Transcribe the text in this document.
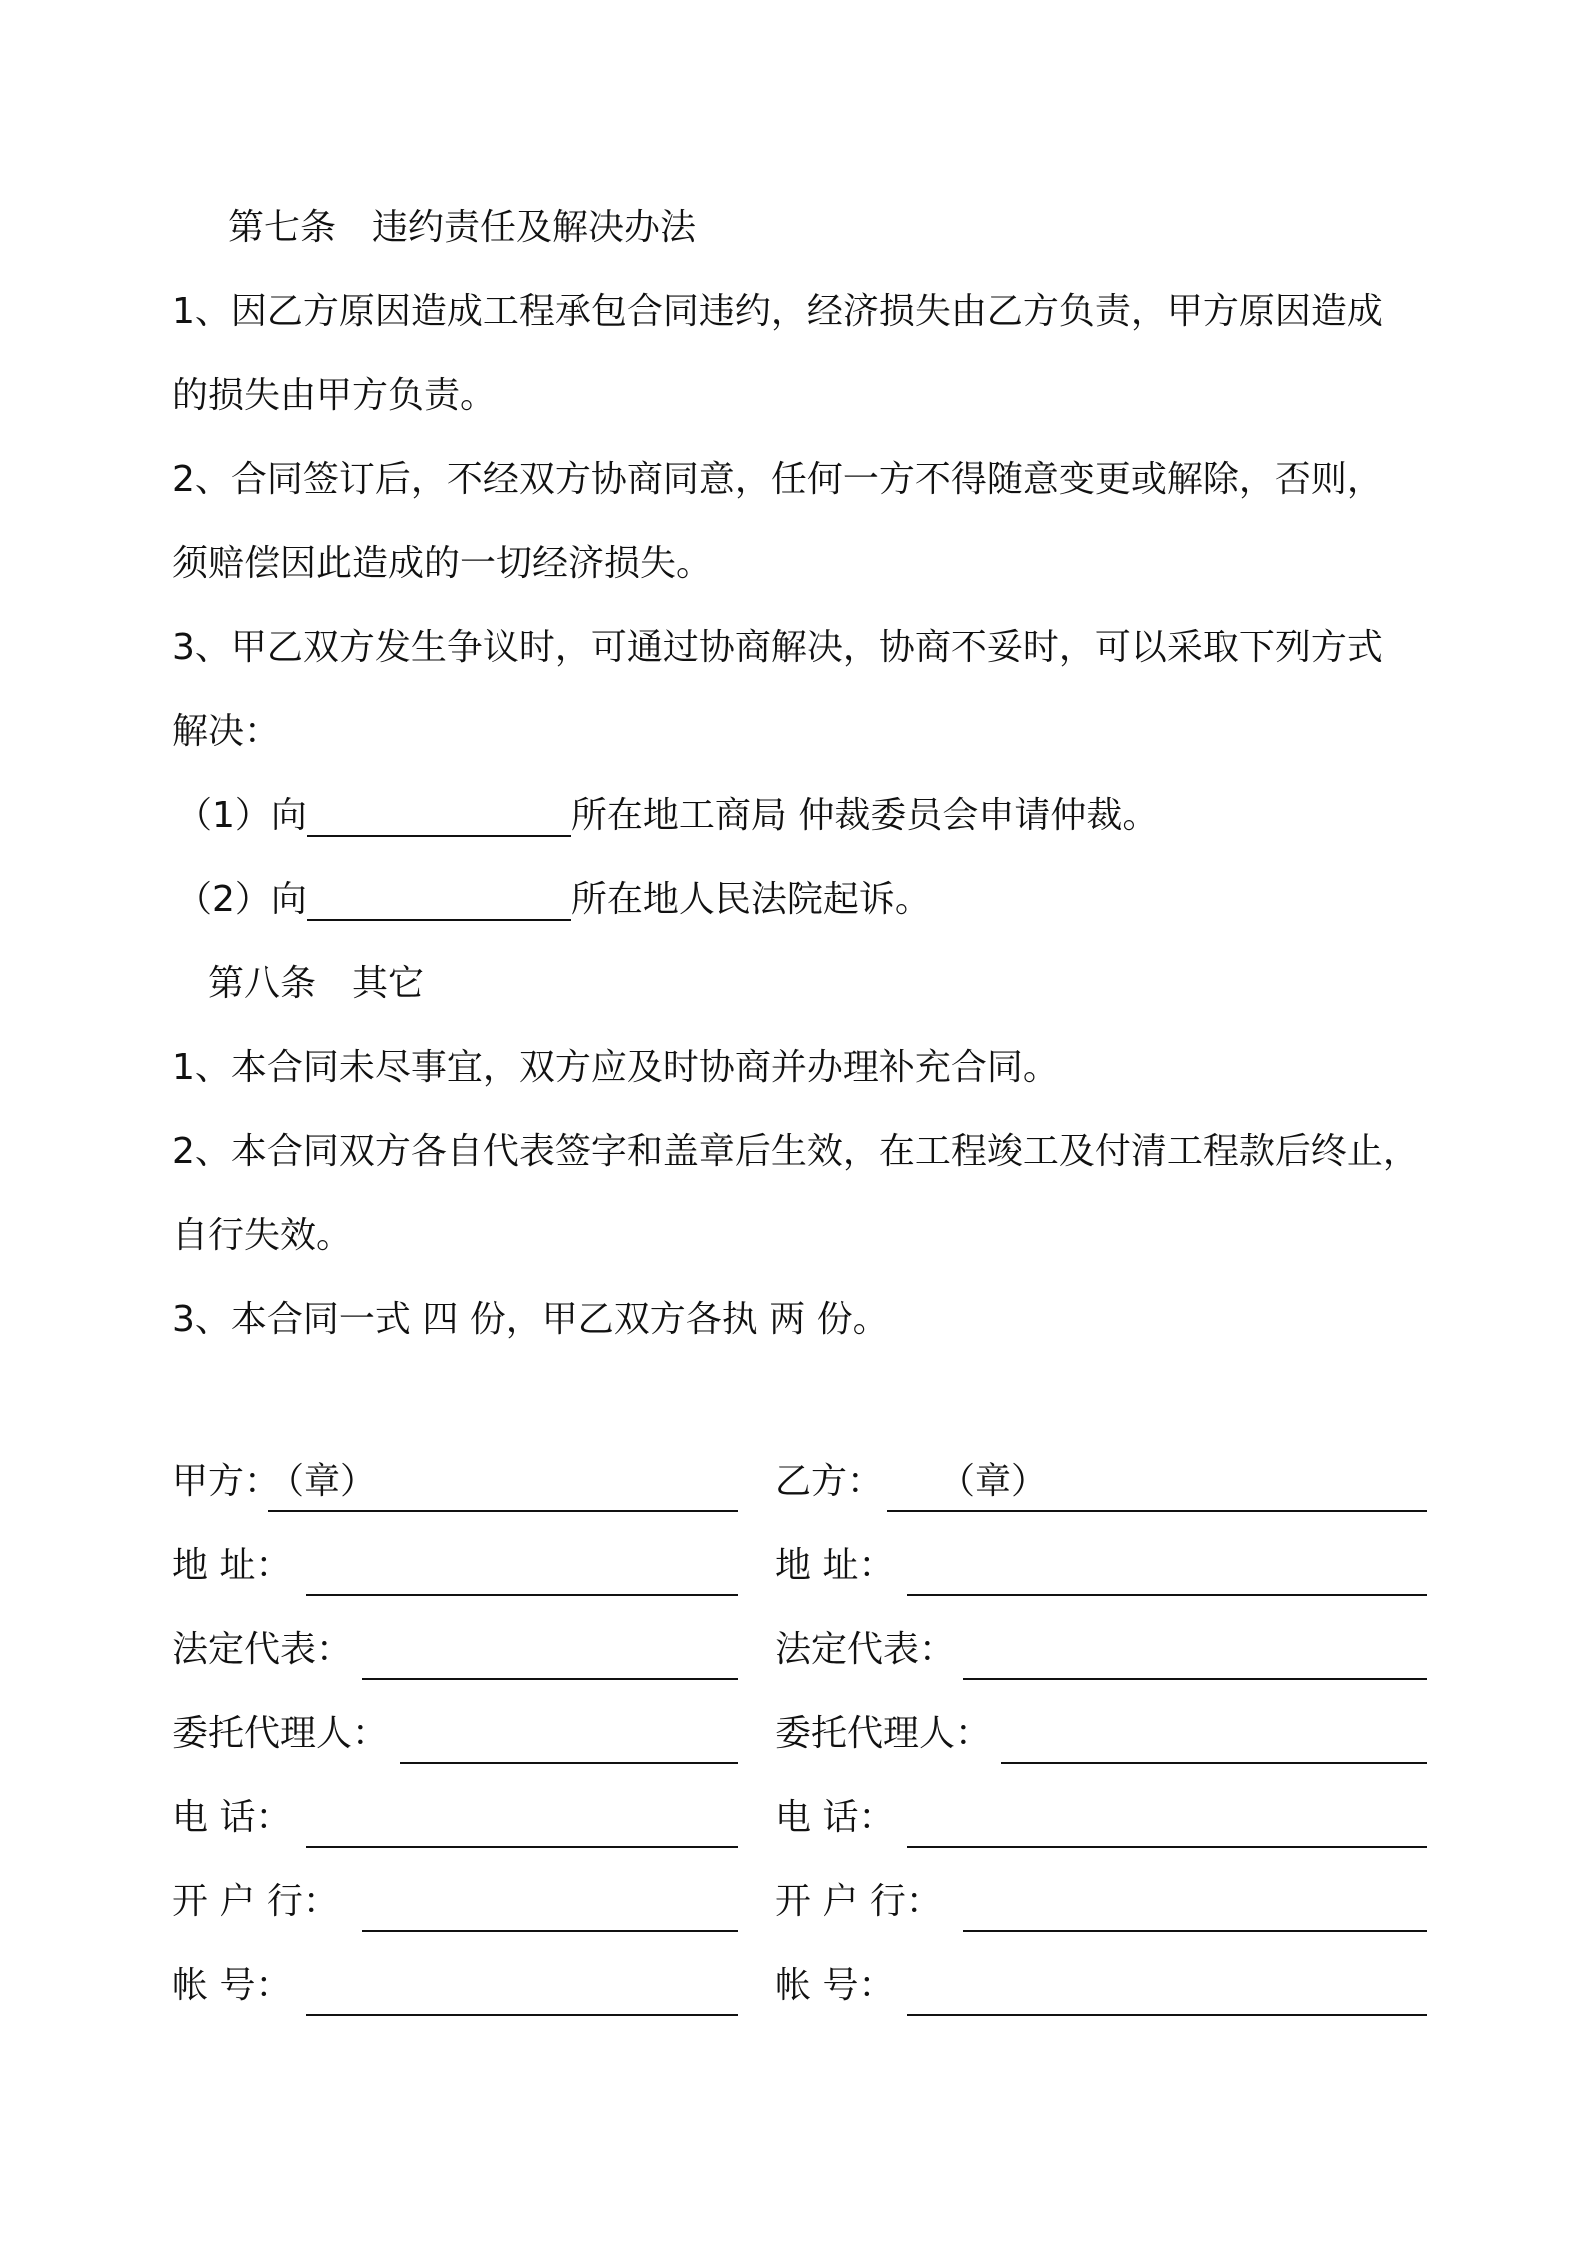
第七条　违约责任及解决办法
1、因乙方原因造成工程承包合同违约，经济损失由乙方负责，甲方原因造成
的损失由甲方负责。
2、合同签订后，不经双方协商同意，任何一方不得随意变更或解除，否则，
须赔偿因此造成的一切经济损失。
3、甲乙双方发生争议时，可通过协商解决，协商不妥时，可以采取下列方式
解决：
（1）向	所在地工商局 仲裁委员会申请仲裁。
（2）向	所在地人民法院起诉。
第八条　其它
1、本合同未尽事宜，双方应及时协商并办理补充合同。
2、本合同双方各自代表签字和盖章后生效，在工程竣工及付清工程款后终止，
自行失效。
3、本合同一式 四 份，甲乙双方各执 两 份。
甲方：
（章）
地 址：
法定代表：
委托代理人：
电 话：
开 户 行：
帐 号：
乙方： （章）
地 址：
法定代表：
委托代理人：
电 话：
开 户 行：
帐 号：
